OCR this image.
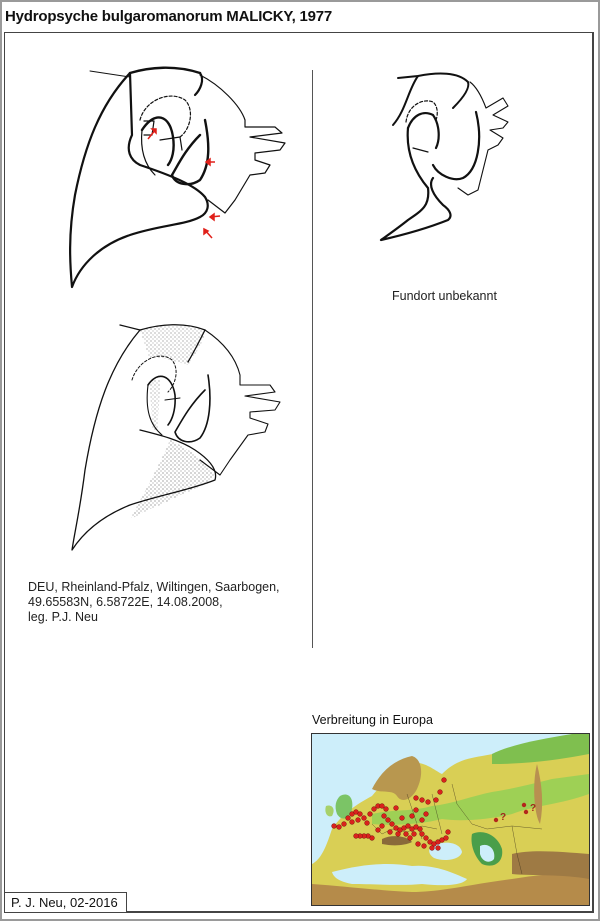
Hydropsyche bulgaromanorum MALICKY, 1977
Fundort unbekannt
DEU, Rheinland-Pfalz, Wiltingen, Saarbogen,
49.65583N, 6.58722E, 14.08.2008,
leg. P.J. Neu
Verbreitung in Europa
?
?
P. J. Neu, 02-2016
